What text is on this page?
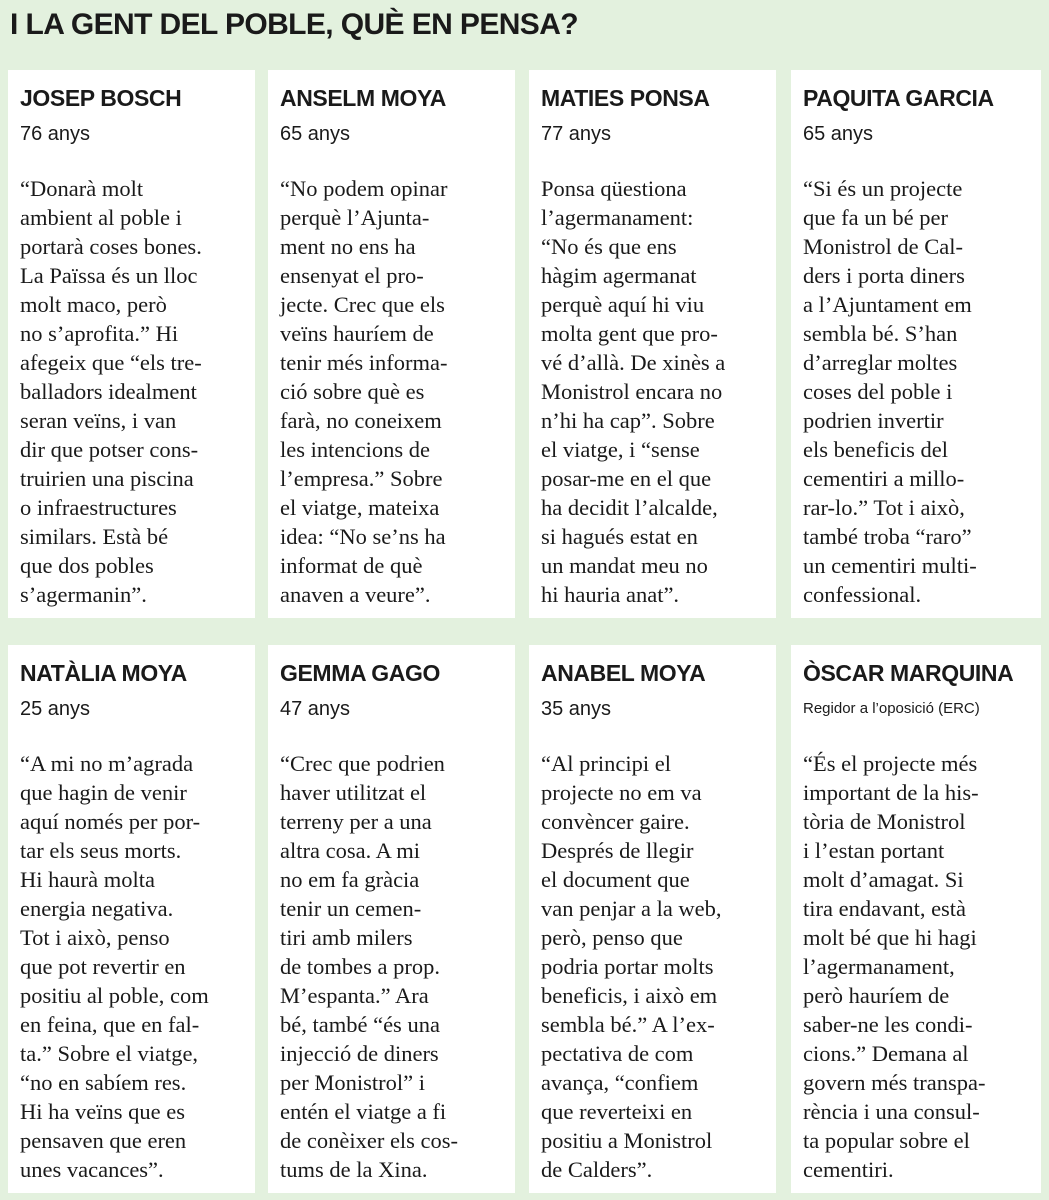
I LA GENT DEL POBLE, QUÈ EN PENSA?
JOSEP BOSCH
76 anys
“Donarà molt
ambient al poble i
portarà coses bones.
La Païssa és un lloc
molt maco, però
no s’aprofita.” Hi
afegeix que “els tre-
balladors idealment
seran veïns, i van
dir que potser cons-
truirien una piscina
o infraestructures
similars. Està bé
que dos pobles
s’agermanin”.
ANSELM MOYA
65 anys
“No podem opinar
perquè l’Ajunta-
ment no ens ha
ensenyat el pro-
jecte. Crec que els
veïns hauríem de
tenir més informa-
ció sobre què es
farà, no coneixem
les intencions de
l’empresa.” Sobre
el viatge, mateixa
idea: “No se’ns ha
informat de què
anaven a veure”.
MATIES PONSA
77 anys
Ponsa qüestiona
l’agermanament:
“No és que ens
hàgim agermanat
perquè aquí hi viu
molta gent que pro-
vé d’allà. De xinès a
Monistrol encara no
n’hi ha cap”. Sobre
el viatge, i “sense
posar-me en el que
ha decidit l’alcalde,
si hagués estat en
un mandat meu no
hi hauria anat”.
PAQUITA GARCIA
65 anys
“Si és un projecte
que fa un bé per
Monistrol de Cal-
ders i porta diners
a l’Ajuntament em
sembla bé. S’han
d’arreglar moltes
coses del poble i
podrien invertir
els beneficis del
cementiri a millo-
rar-lo.” Tot i això,
també troba “raro”
un cementiri multi-
confessional.
NATÀLIA MOYA
25 anys
“A mi no m’agrada
que hagin de venir
aquí només per por-
tar els seus morts.
Hi haurà molta
energia negativa.
Tot i això, penso
que pot revertir en
positiu al poble, com
en feina, que en fal-
ta.” Sobre el viatge,
“no en sabíem res.
Hi ha veïns que es
pensaven que eren
unes vacances”.
GEMMA GAGO
47 anys
“Crec que podrien
haver utilitzat el
terreny per a una
altra cosa. A mi
no em fa gràcia
tenir un cemen-
tiri amb milers
de tombes a prop.
M’espanta.” Ara
bé, també “és una
injecció de diners
per Monistrol” i
entén el viatge a fi
de conèixer els cos-
tums de la Xina.
ANABEL MOYA
35 anys
“Al principi el
projecte no em va
convèncer gaire.
Després de llegir
el document que
van penjar a la web,
però, penso que
podria portar molts
beneficis, i això em
sembla bé.” A l’ex-
pectativa de com
avança, “confiem
que reverteixi en
positiu a Monistrol
de Calders”.
ÒSCAR MARQUINA
Regidor a l’oposició (ERC)
“És el projecte més
important de la his-
tòria de Monistrol
i l’estan portant
molt d’amagat. Si
tira endavant, està
molt bé que hi hagi
l’agermanament,
però hauríem de
saber-ne les condi-
cions.” Demana al
govern més transpa-
rència i una consul-
ta popular sobre el
cementiri.
